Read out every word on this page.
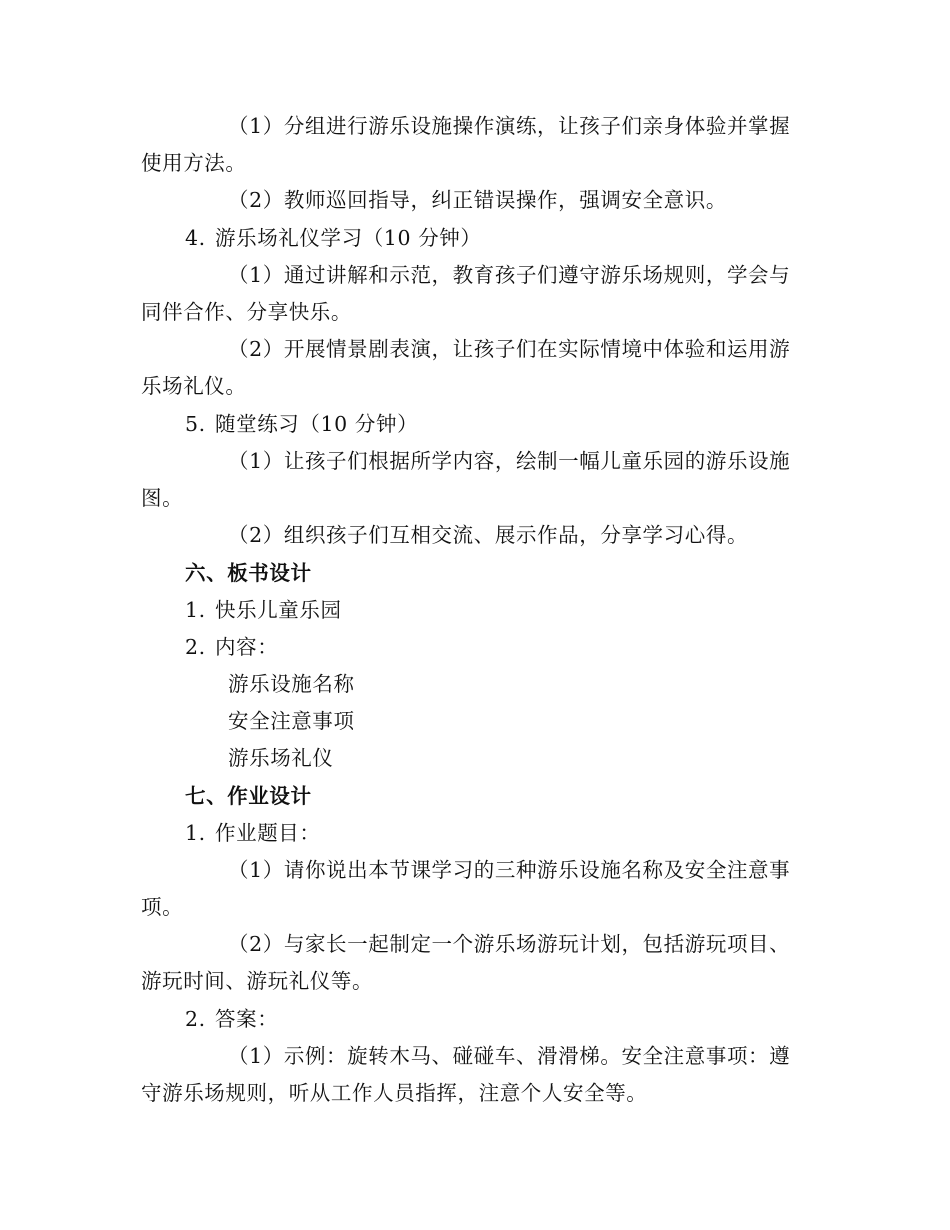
（1）分组进行游乐设施操作演练，让孩子们亲身体验并掌握
使用方法。
（2）教师巡回指导，纠正错误操作，强调安全意识。
4. 游乐场礼仪学习（10 分钟）
（1）通过讲解和示范，教育孩子们遵守游乐场规则，学会与
同伴合作、分享快乐。
（2）开展情景剧表演，让孩子们在实际情境中体验和运用游
乐场礼仪。
5. 随堂练习（10 分钟）
（1）让孩子们根据所学内容，绘制一幅儿童乐园的游乐设施
图。
（2）组织孩子们互相交流、展示作品，分享学习心得。
六、板书设计
1. 快乐儿童乐园
2. 内容：
游乐设施名称
安全注意事项
游乐场礼仪
七、作业设计
1. 作业题目：
（1）请你说出本节课学习的三种游乐设施名称及安全注意事
项。
（2）与家长一起制定一个游乐场游玩计划，包括游玩项目、
游玩时间、游玩礼仪等。
2. 答案：
（1）示例：旋转木马、碰碰车、滑滑梯。安全注意事项：遵
守游乐场规则，听从工作人员指挥，注意个人安全等。
